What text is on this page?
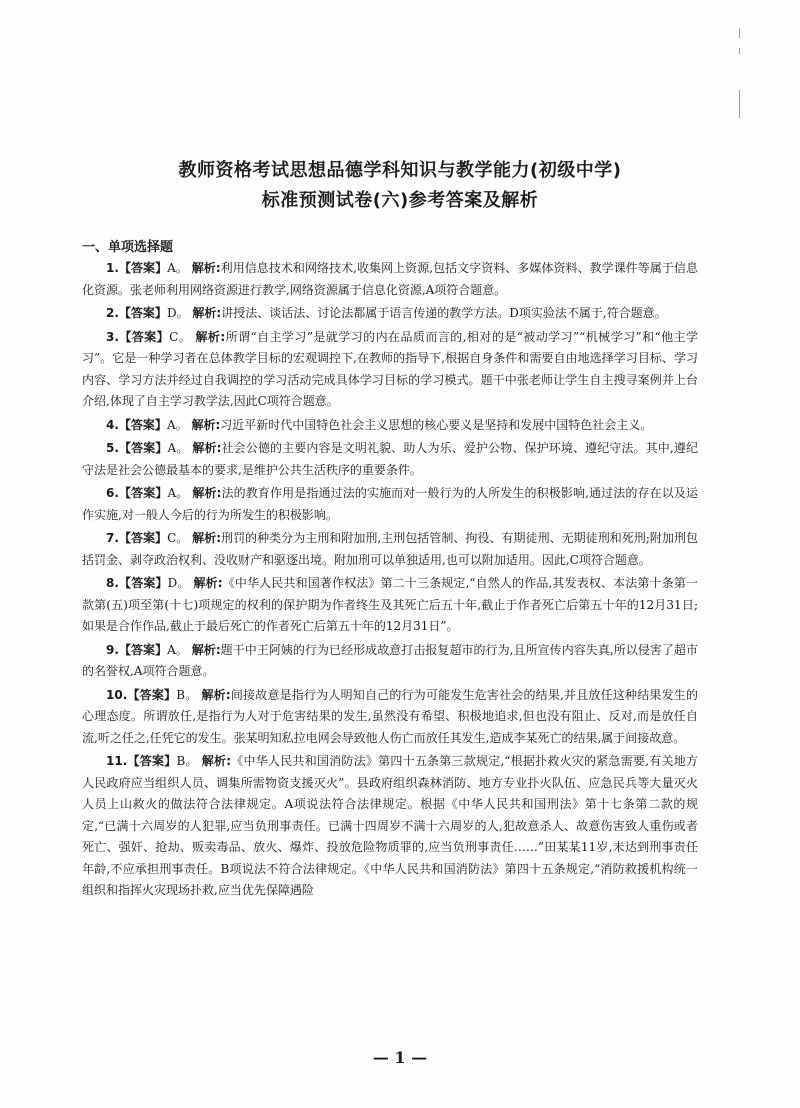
教师资格考试思想品德学科知识与教学能力(初级中学)
标准预测试卷(六)参考答案及解析
一、单项选择题

1.【答案】A。 解析:利用信息技术和网络技术,收集网上资源,包括文字资料、多媒体资料、教学课件等属于信息化资源。张老师利用网络资源进行教学,网络资源属于信息化资源,A项符合题意。

2.【答案】D。 解析:讲授法、谈话法、讨论法都属于语言传递的教学方法。D项实验法不属于,符合题意。

3.【答案】C。 解析:所谓“自主学习”是就学习的内在品质而言的,相对的是“被动学习”“机械学习”和“他主学习”。它是一种学习者在总体教学目标的宏观调控下,在教师的指导下,根据自身条件和需要自由地选择学习目标、学习内容、学习方法并经过自我调控的学习活动完成具体学习目标的学习模式。题干中张老师让学生自主搜寻案例并上台介绍,体现了自主学习教学法,因此C项符合题意。

4.【答案】A。 解析:习近平新时代中国特色社会主义思想的核心要义是坚持和发展中国特色社会主义。

5.【答案】A。 解析:社会公德的主要内容是文明礼貌、助人为乐、爱护公物、保护环境、遵纪守法。其中,遵纪守法是社会公德最基本的要求,是维护公共生活秩序的重要条件。

6.【答案】A。 解析:法的教育作用是指通过法的实施而对一般行为的人所发生的积极影响,通过法的存在以及运作实施,对一般人今后的行为所发生的积极影响。

7.【答案】C。 解析:刑罚的种类分为主刑和附加刑,主刑包括管制、拘役、有期徒刑、无期徒刑和死刑;附加刑包括罚金、剥夺政治权利、没收财产和驱逐出境。附加刑可以单独适用,也可以附加适用。因此,C项符合题意。

8.【答案】D。 解析:《中华人民共和国著作权法》第二十三条规定,“自然人的作品,其发表权、本法第十条第一款第(五)项至第(十七)项规定的权利的保护期为作者终生及其死亡后五十年,截止于作者死亡后第五十年的12月31日;如果是合作作品,截止于最后死亡的作者死亡后第五十年的12月31日”。

9.【答案】A。 解析:题干中王阿姨的行为已经形成故意打击报复超市的行为,且所宣传内容失真,所以侵害了超市的名誉权,A项符合题意。

10.【答案】B。 解析:间接故意是指行为人明知自己的行为可能发生危害社会的结果,并且放任这种结果发生的心理态度。所谓放任,是指行为人对于危害结果的发生,虽然没有希望、积极地追求,但也没有阻止、反对,而是放任自流,听之任之,任凭它的发生。张某明知私拉电网会导致他人伤亡而放任其发生,造成李某死亡的结果,属于间接故意。

11.【答案】B。 解析:《中华人民共和国消防法》第四十五条第三款规定,“根据扑救火灾的紧急需要,有关地方人民政府应当组织人员、调集所需物资支援灭火”。县政府组织森林消防、地方专业扑火队伍、应急民兵等大量灭火人员上山救火的做法符合法律规定。A项说法符合法律规定。根据《中华人民共和国刑法》第十七条第二款的规定,“已满十六周岁的人犯罪,应当负刑事责任。已满十四周岁不满十六周岁的人,犯故意杀人、故意伤害致人重伤或者死亡、强奸、抢劫、贩卖毒品、放火、爆炸、投放危险物质罪的,应当负刑事责任……”田某某11岁,未达到刑事责任年龄,不应承担刑事责任。B项说法不符合法律规定。《中华人民共和国消防法》第四十五条规定,“消防救援机构统一组织和指挥火灾现场扑救,应当优先保障遇险

— 1 —
